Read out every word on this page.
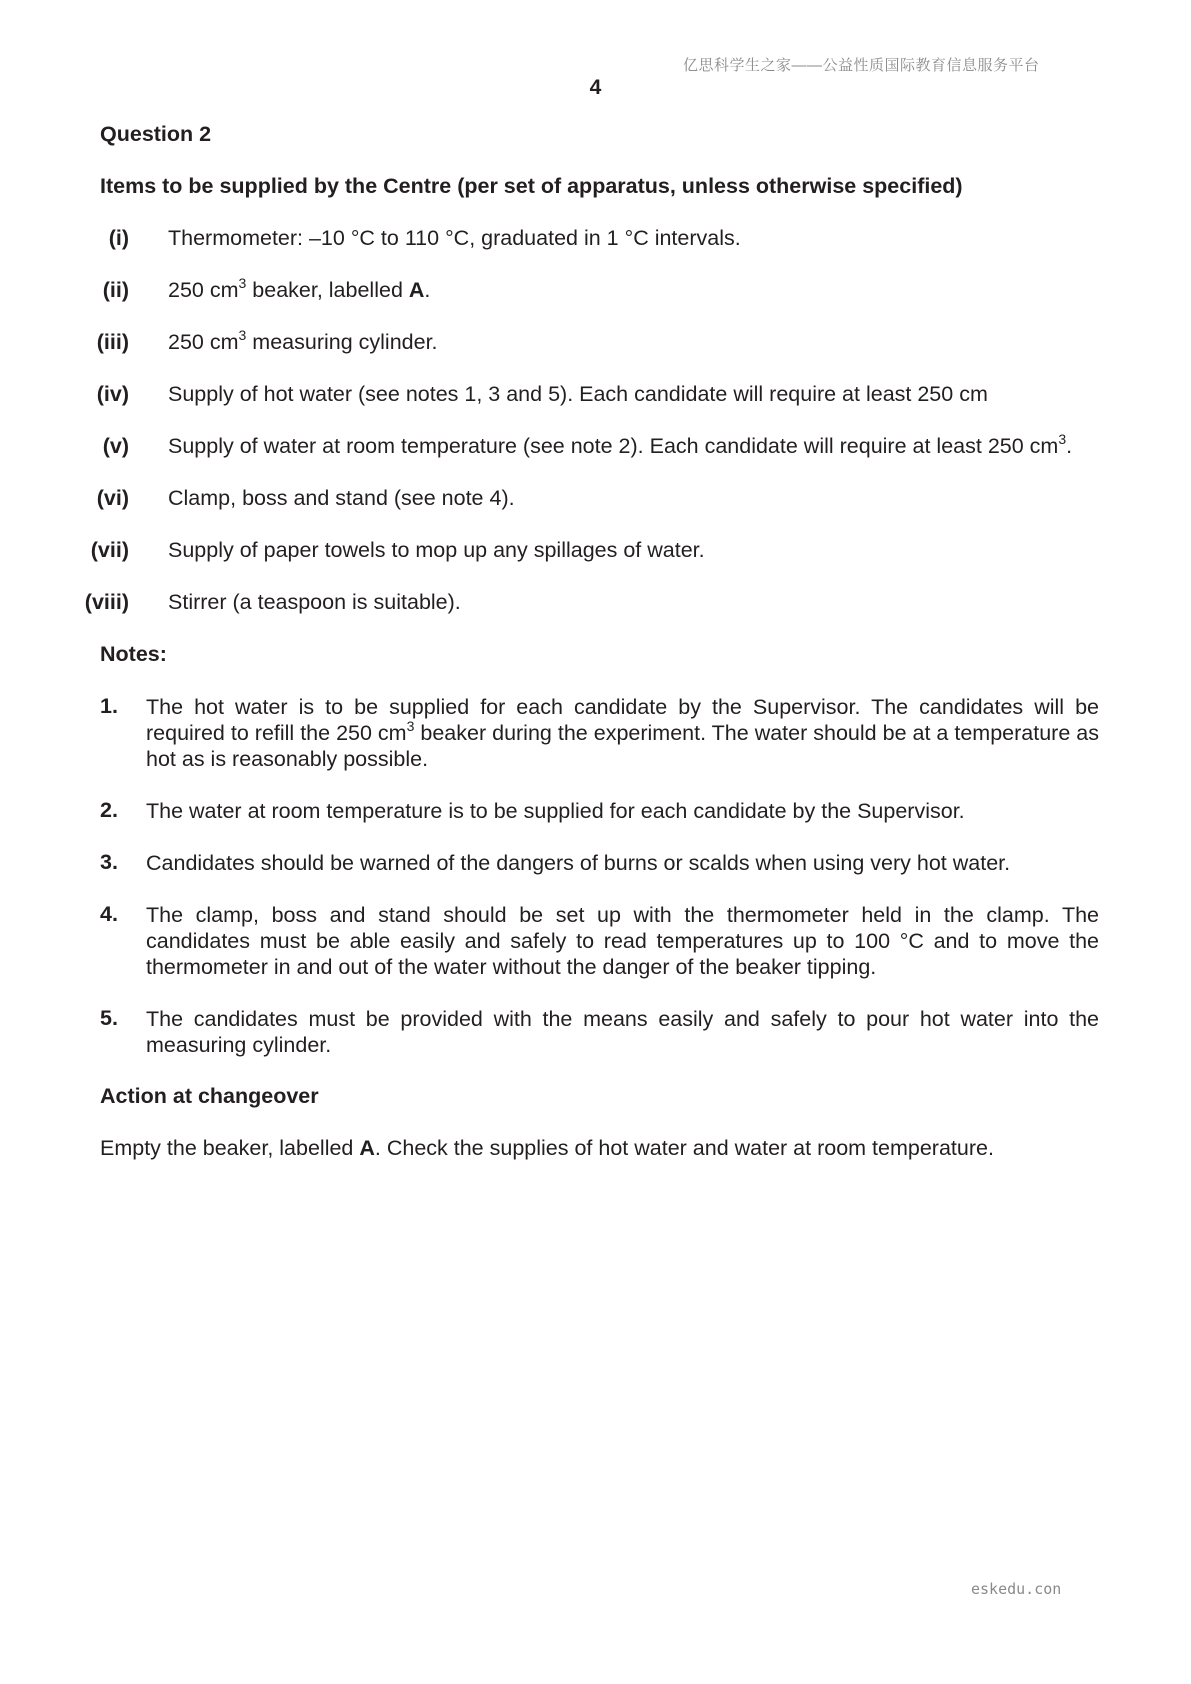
亿思科学生之家——公益性质国际教育信息服务平台
4
Question 2
Items to be supplied by the Centre (per set of apparatus, unless otherwise specified)
(i) Thermometer: –10 °C to 110 °C, graduated in 1 °C intervals.
(ii) 250 $cm^3$ beaker, labelled A.
(iii) 250 $cm^3$ measuring cylinder.
(iv) Supply of hot water (see notes 1, 3 and 5). Each candidate will require at least 250 cm
(v) Supply of water at room temperature (see note 2). Each candidate will require at least 250 $cm^3$.
(vi) Clamp, boss and stand (see note 4).
(vii) Supply of paper towels to mop up any spillages of water.
(viii) Stirrer (a teaspoon is suitable).
Notes:
1. The hot water is to be supplied for each candidate by the Supervisor. The candidates will be required to refill the 250 $cm^3$ beaker during the experiment. The water should be at a temperature as hot as is reasonably possible.
2. The water at room temperature is to be supplied for each candidate by the Supervisor.
3. Candidates should be warned of the dangers of burns or scalds when using very hot water.
4. The clamp, boss and stand should be set up with the thermometer held in the clamp. The candidates must be able easily and safely to read temperatures up to 100 °C and to move the thermometer in and out of the water without the danger of the beaker tipping.
5. The candidates must be provided with the means easily and safely to pour hot water into the measuring cylinder.
Action at changeover
Empty the beaker, labelled A. Check the supplies of hot water and water at room temperature.
eskedu.con
